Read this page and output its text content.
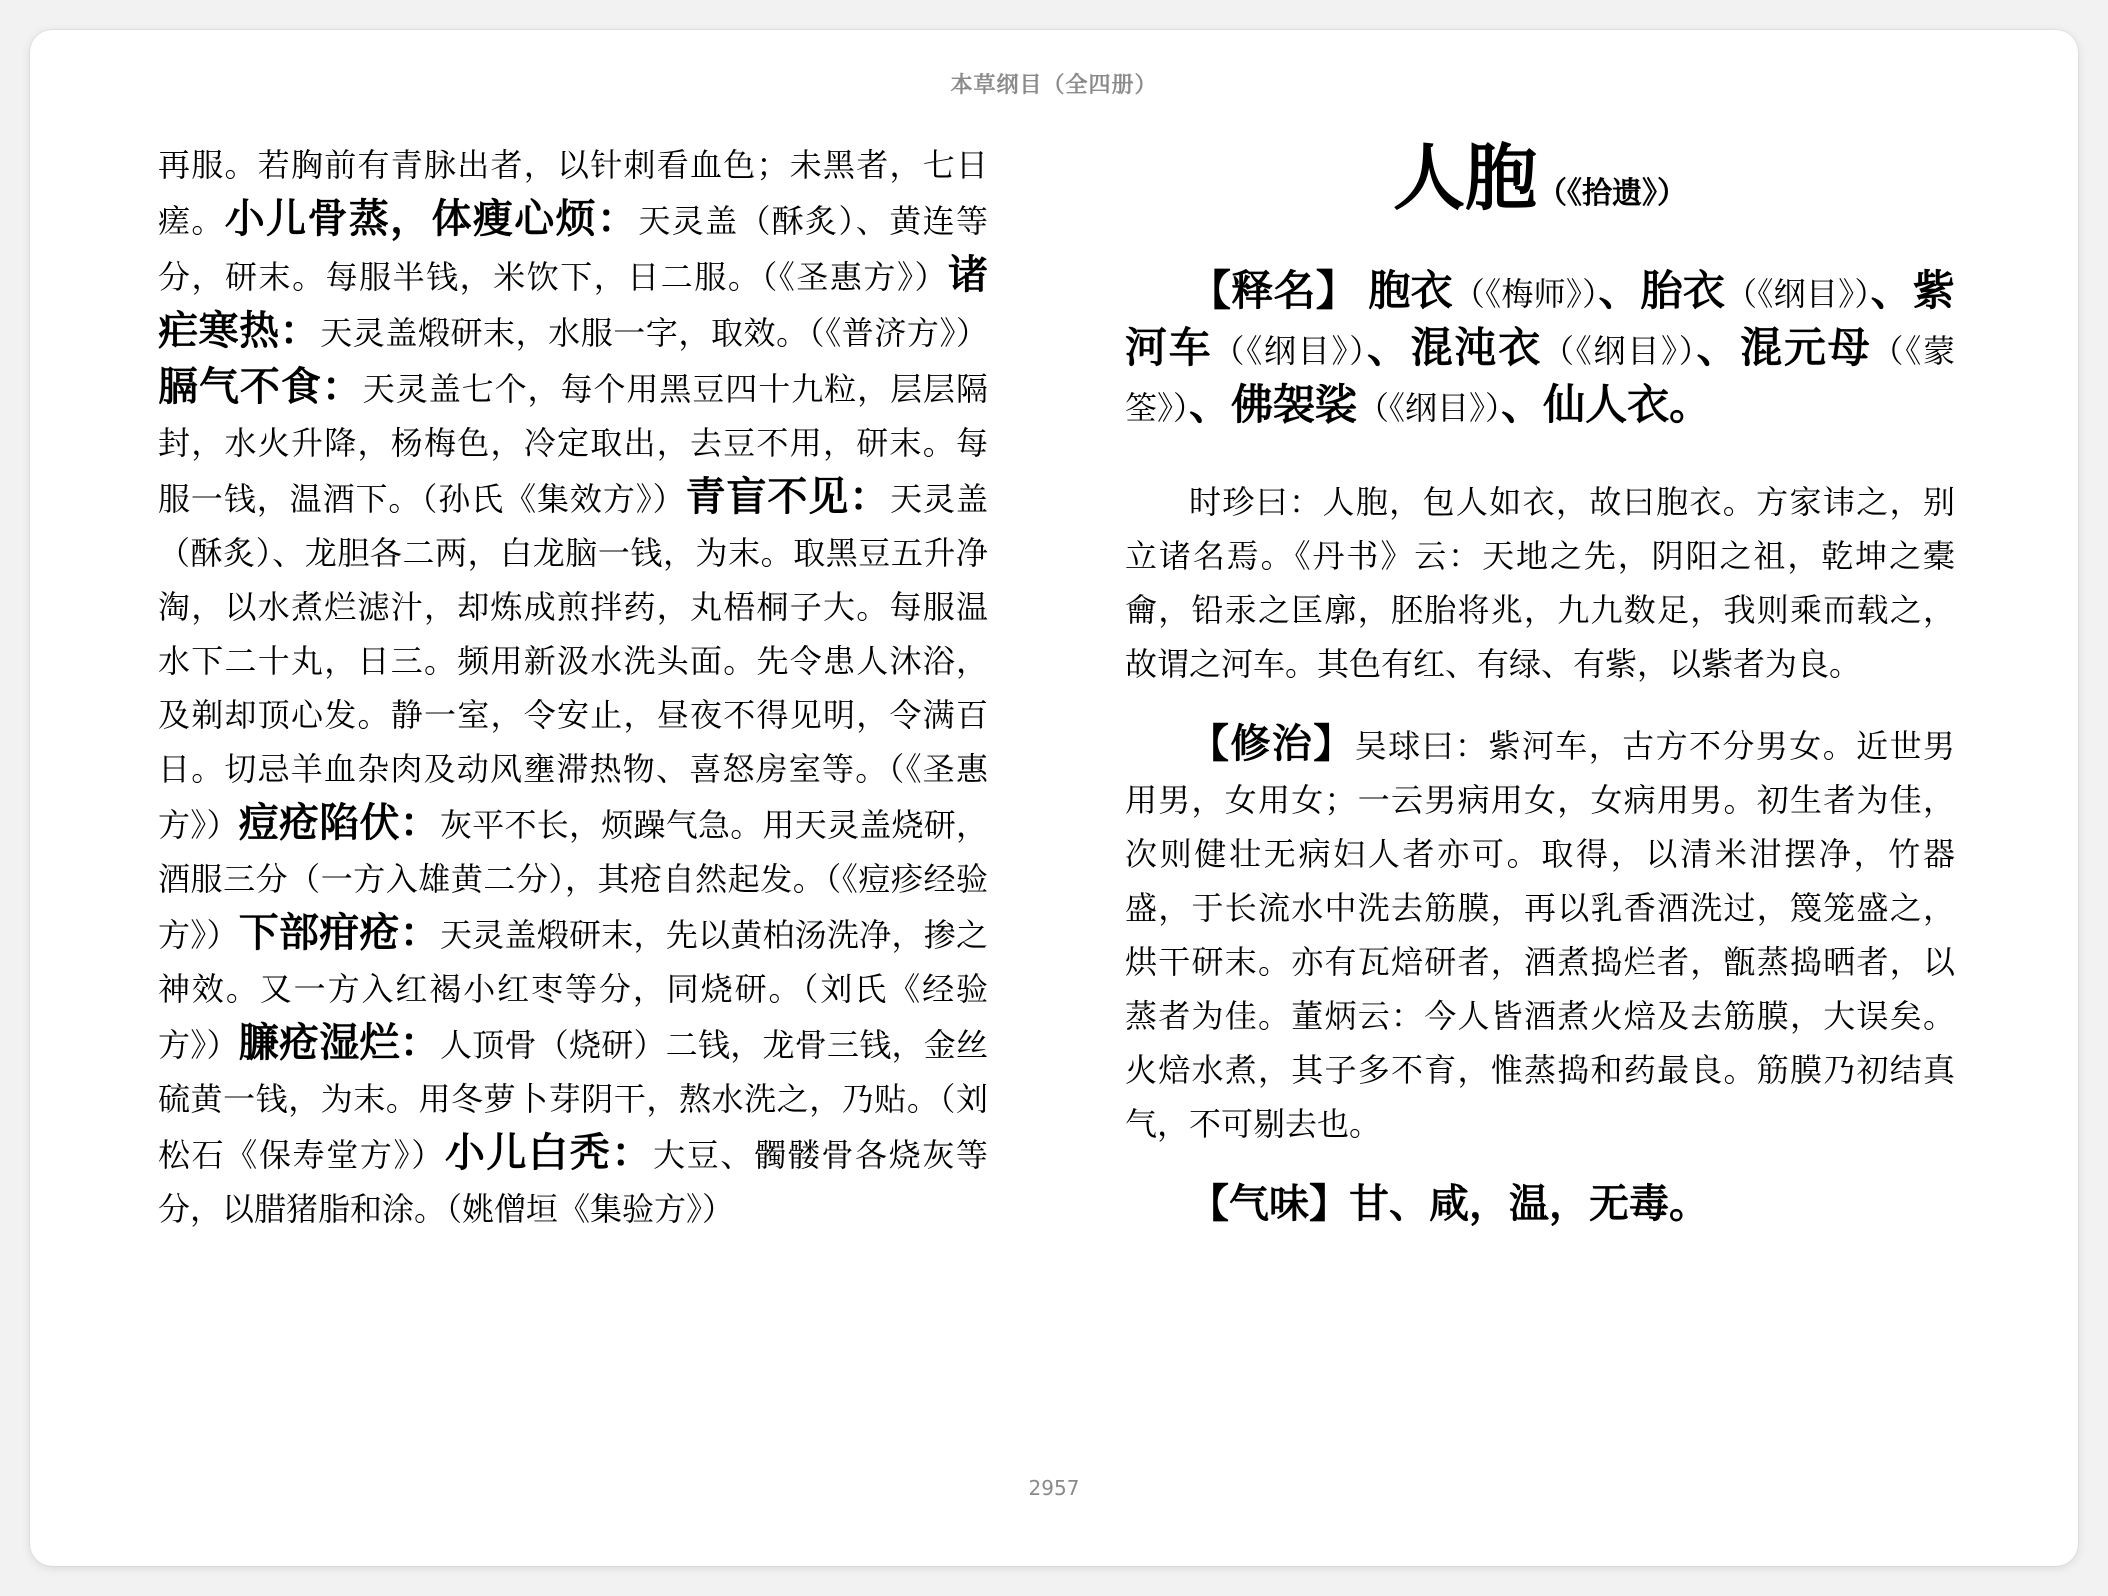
本草纲目（全四册）

再服。若胸前有青脉出者，以针刺看血色；未黑者，七日瘥。小儿骨蒸，体瘦心烦：天灵盖（酥炙）、黄连等分，研末。每服半钱，米饮下，日二服。（《圣惠方》）诸疟寒热：天灵盖煅研末，水服一字，取效。（《普济方》）膈气不食：天灵盖七个，每个用黑豆四十九粒，层层隔封，水火升降，杨梅色，冷定取出，去豆不用，研末。每服一钱，温酒下。（孙氏《集效方》）青盲不见：天灵盖（酥炙）、龙胆各二两，白龙脑一钱，为末。取黑豆五升净淘，以水煮烂滤汁，却炼成煎拌药，丸梧桐子大。每服温水下二十丸，日三。频用新汲水洗头面。先令患人沐浴，及剃却顶心发。静一室，令安止，昼夜不得见明，令满百日。切忌羊血杂肉及动风壅滞热物、喜怒房室等。（《圣惠方》）痘疮陷伏：灰平不长，烦躁气急。用天灵盖烧研，酒服三分（一方入雄黄二分），其疮自然起发。（《痘疹经验方》）下部疳疮：天灵盖煅研末，先以黄柏汤洗净，掺之神效。又一方入红褐小红枣等分，同烧研。（刘氏《经验方》）臁疮湿烂：人顶骨（烧研）二钱，龙骨三钱，金丝硫黄一钱，为末。用冬萝卜芽阴干，熬水洗之，乃贴。（刘松石《保寿堂方》）小儿白秃：大豆、髑髅骨各烧灰等分，以腊猪脂和涂。（姚僧垣《集验方》）

人胞（《拾遗》）

【释名】 胞衣（《梅师》）、胎衣（《纲目》）、紫河车（《纲目》）、混沌衣（《纲目》）、混元母（《蒙筌》）、佛袈裟（《纲目》）、仙人衣。

时珍曰：人胞，包人如衣，故曰胞衣。方家讳之，别立诸名焉。《丹书》云：天地之先，阴阳之祖，乾坤之橐龠，铅汞之匡廓，胚胎将兆，九九数足，我则乘而载之，故谓之河车。其色有红、有绿、有紫，以紫者为良。

【修治】吴球曰：紫河车，古方不分男女。近世男用男，女用女；一云男病用女，女病用男。初生者为佳，次则健壮无病妇人者亦可。取得，以清米泔摆净，竹器盛，于长流水中洗去筋膜，再以乳香酒洗过，篾笼盛之，烘干研末。亦有瓦焙研者，酒煮捣烂者，甑蒸捣晒者，以蒸者为佳。董炳云：今人皆酒煮火焙及去筋膜，大误矣。火焙水煮，其子多不育，惟蒸捣和药最良。筋膜乃初结真气，不可剔去也。

【气味】甘、咸，温，无毒。

2957
